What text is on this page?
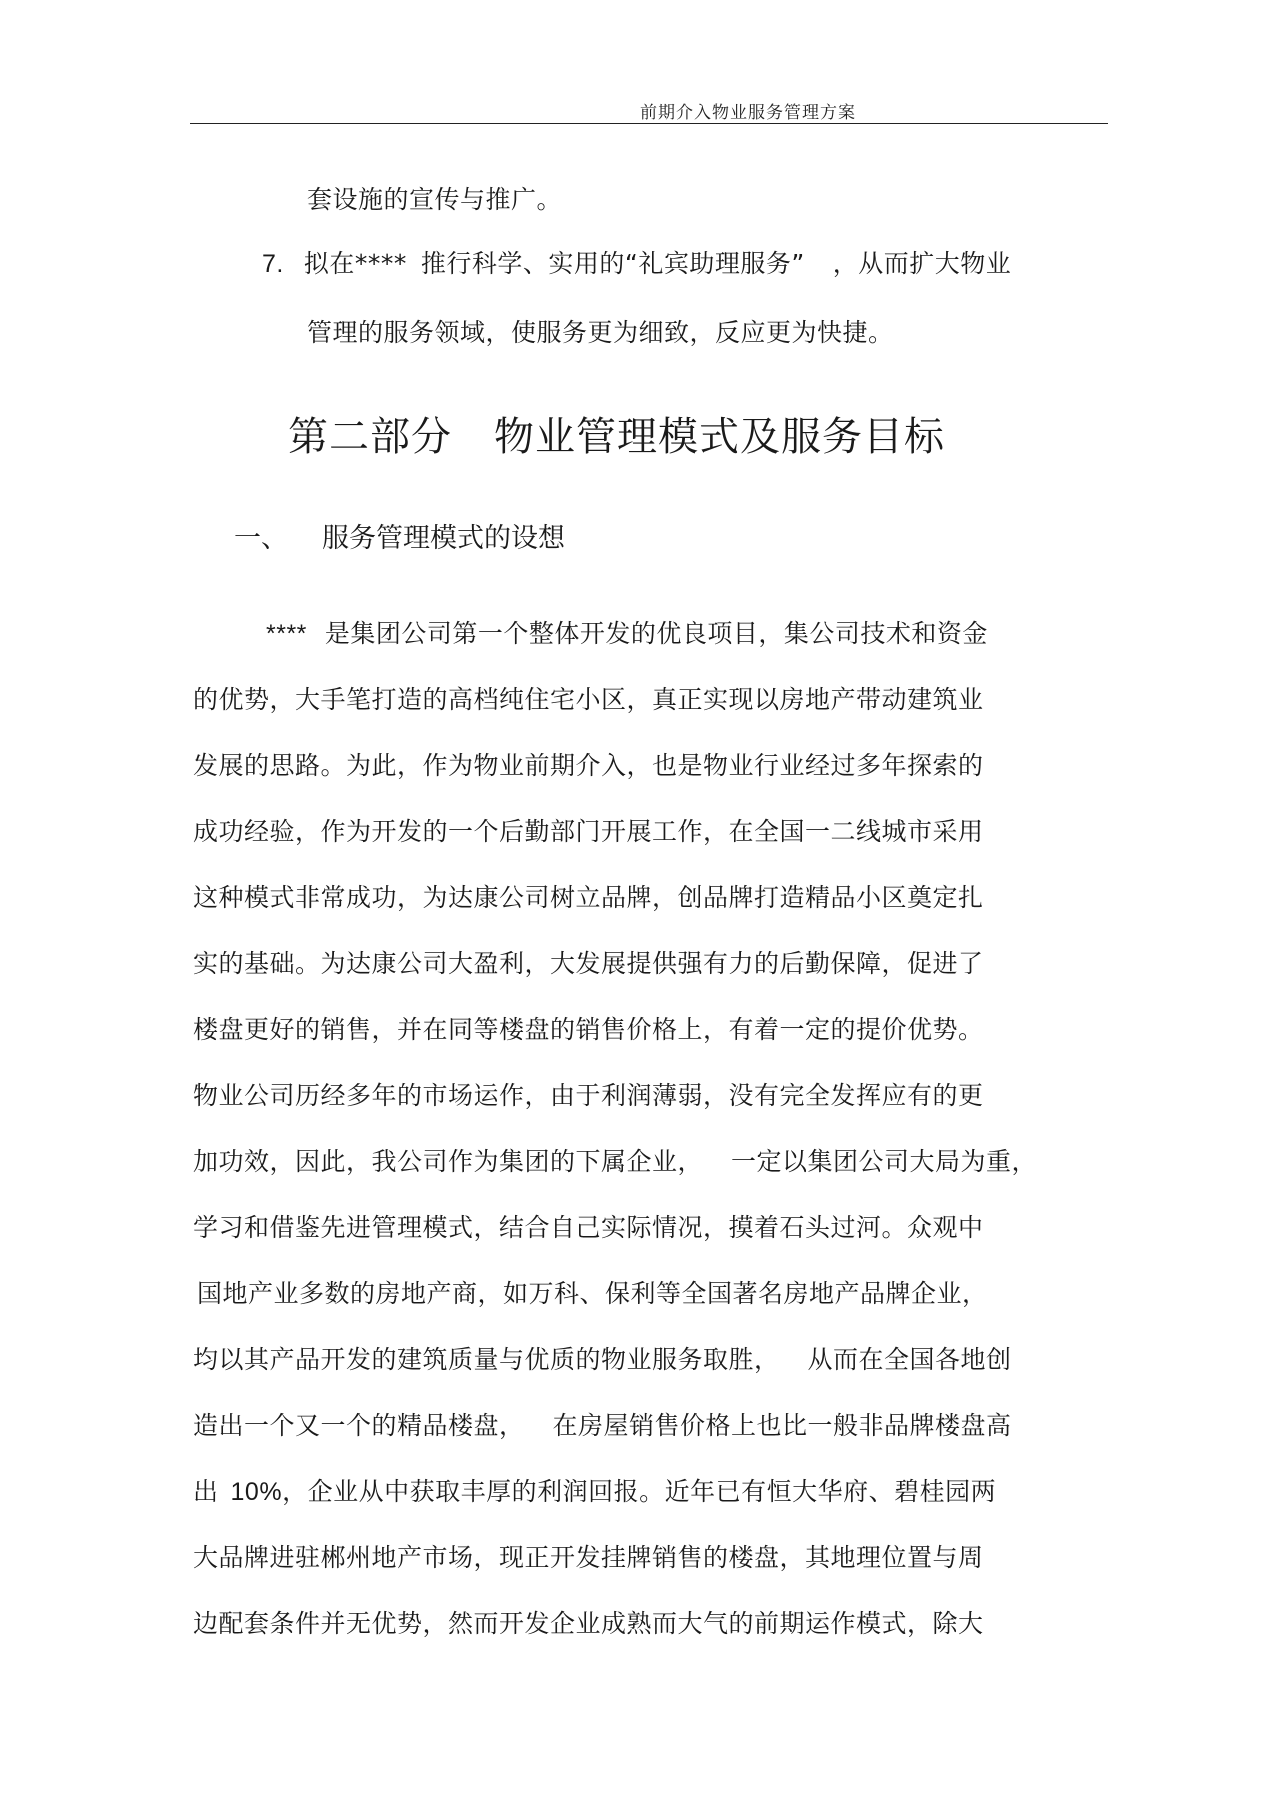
前期介入物业服务管理方案
套设施的宣传与推广。
7. 拟在**** 推行科学、实用的“礼宾助理服务” ，从而扩大物业
管理的服务领域，使服务更为细致，反应更为快捷。
第二部分 物业管理模式及服务目标
一、 服务管理模式的设想
**** 是集团公司第一个整体开发的优良项目，集公司技术和资金
的优势，大手笔打造的高档纯住宅小区，真正实现以房地产带动建筑业
发展的思路。为此，作为物业前期介入，也是物业行业经过多年探索的
成功经验，作为开发的一个后勤部门开展工作，在全国一二线城市采用
这种模式非常成功，为达康公司树立品牌，创品牌打造精品小区奠定扎
实的基础。为达康公司大盈利，大发展提供强有力的后勤保障，促进了
楼盘更好的销售，并在同等楼盘的销售价格上，有着一定的提价优势。
物业公司历经多年的市场运作，由于利润薄弱，没有完全发挥应有的更
加功效，因此，我公司作为集团的下属企业， 一定以集团公司大局为重，
学习和借鉴先进管理模式，结合自己实际情况，摸着石头过河。众观中
国地产业多数的房地产商，如万科、保利等全国著名房地产品牌企业，
均以其产品开发的建筑质量与优质的物业服务取胜， 从而在全国各地创
造出一个又一个的精品楼盘， 在房屋销售价格上也比一般非品牌楼盘高
出 10%，企业从中获取丰厚的利润回报。近年已有恒大华府、碧桂园两
大品牌进驻郴州地产市场，现正开发挂牌销售的楼盘，其地理位置与周
边配套条件并无优势，然而开发企业成熟而大气的前期运作模式，除大
